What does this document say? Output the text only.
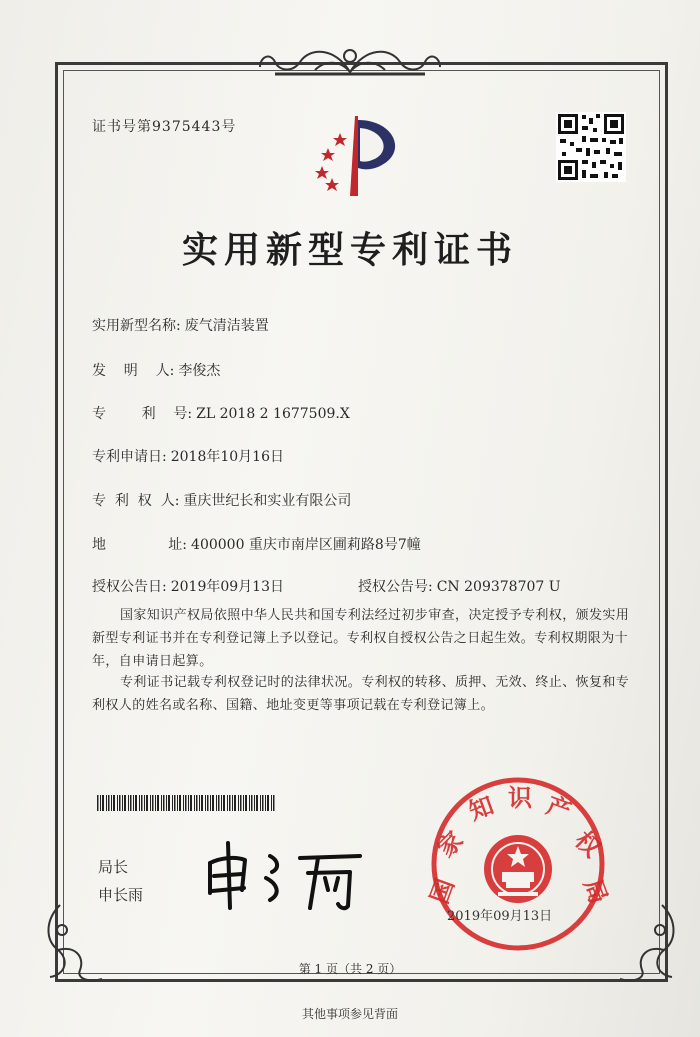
证书号第9375443号
实用新型专利证书
实用新型名称: 废气清洁装置
发    明    人: 李俊杰
专        利    号: ZL 2018 2 1677509.X
专利申请日: 2018年10月16日
专  利  权  人: 重庆世纪长和实业有限公司
地              址: 400000 重庆市南岸区圃莉路8号7幢
授权公告日: 2019年09月13日	授权公告号: CN 209378707 U
国家知识产权局依照中华人民共和国专利法经过初步审查，决定授予专利权，颁发实用新型专利证书并在专利登记簿上予以登记。专利权自授权公告之日起生效。专利权期限为十年，自申请日起算。
专利证书记载专利权登记时的法律状况。专利权的转移、质押、无效、终止、恢复和专利权人的姓名或名称、国籍、地址变更等事项记载在专利登记簿上。
局长
申长雨	国
家
知 识 产
权
局
2019年09月13日
第 1 页（共 2 页）
其他事项参见背面
